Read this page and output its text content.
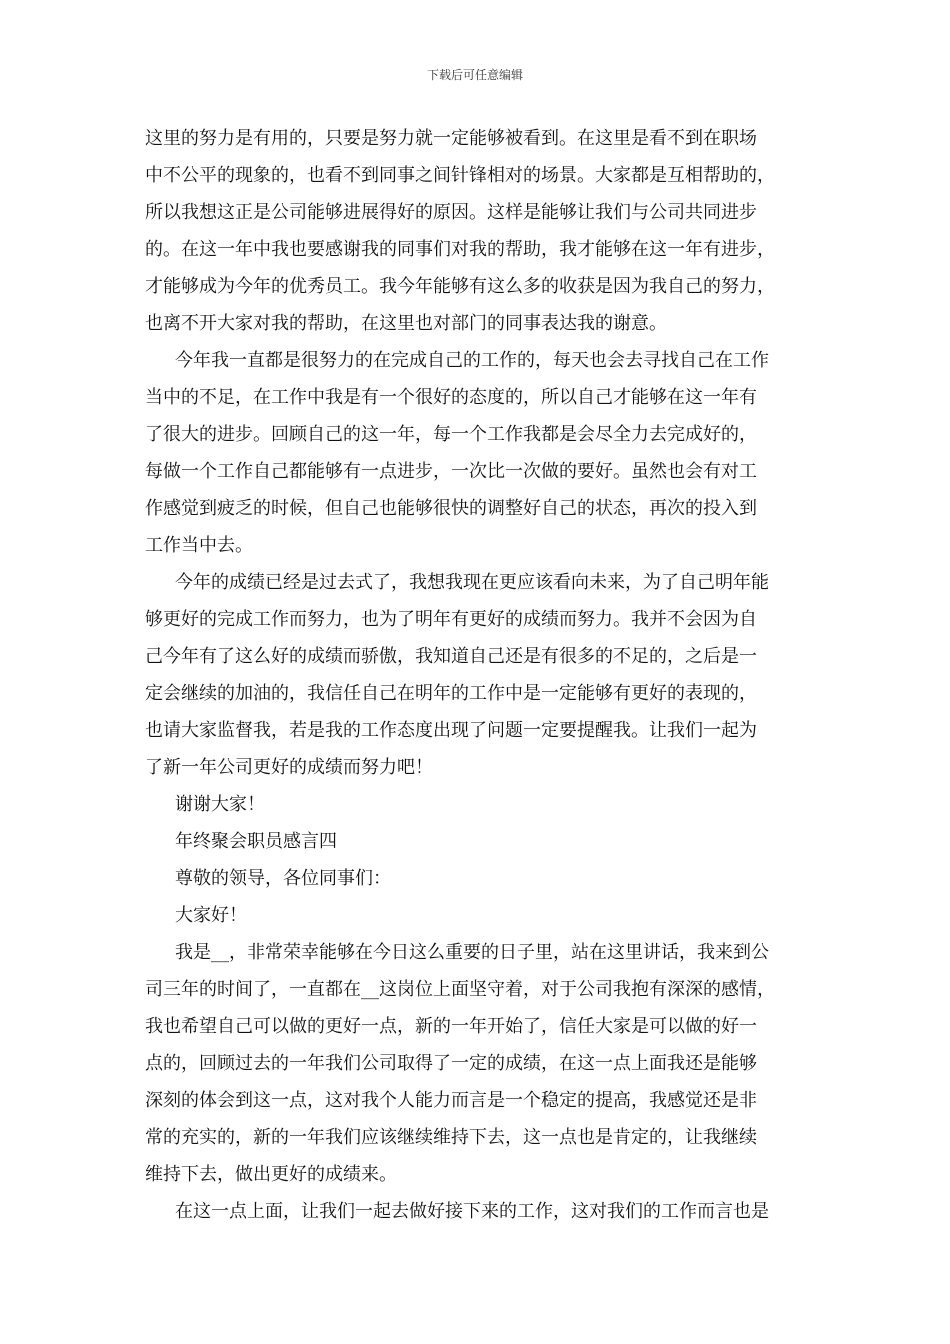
下载后可任意编辑
这里的努力是有用的，只要是努力就一定能够被看到。在这里是看不到在职场
中不公平的现象的，也看不到同事之间针锋相对的场景。大家都是互相帮助的，
所以我想这正是公司能够进展得好的原因。这样是能够让我们与公司共同进步
的。在这一年中我也要感谢我的同事们对我的帮助，我才能够在这一年有进步，
才能够成为今年的优秀员工。我今年能够有这么多的收获是因为我自己的努力，
也离不开大家对我的帮助，在这里也对部门的同事表达我的谢意。
今年我一直都是很努力的在完成自己的工作的，每天也会去寻找自己在工作
当中的不足，在工作中我是有一个很好的态度的，所以自己才能够在这一年有
了很大的进步。回顾自己的这一年，每一个工作我都是会尽全力去完成好的，
每做一个工作自己都能够有一点进步，一次比一次做的要好。虽然也会有对工
作感觉到疲乏的时候，但自己也能够很快的调整好自己的状态，再次的投入到
工作当中去。
今年的成绩已经是过去式了，我想我现在更应该看向未来，为了自己明年能
够更好的完成工作而努力，也为了明年有更好的成绩而努力。我并不会因为自
己今年有了这么好的成绩而骄傲，我知道自己还是有很多的不足的，之后是一
定会继续的加油的，我信任自己在明年的工作中是一定能够有更好的表现的，
也请大家监督我，若是我的工作态度出现了问题一定要提醒我。让我们一起为
了新一年公司更好的成绩而努力吧！
谢谢大家！
年终聚会职员感言四
尊敬的领导，各位同事们：
大家好！
我是__，非常荣幸能够在今日这么重要的日子里，站在这里讲话，我来到公
司三年的时间了，一直都在__这岗位上面坚守着，对于公司我抱有深深的感情，
我也希望自己可以做的更好一点，新的一年开始了，信任大家是可以做的好一
点的，回顾过去的一年我们公司取得了一定的成绩，在这一点上面我还是能够
深刻的体会到这一点，这对我个人能力而言是一个稳定的提高，我感觉还是非
常的充实的，新的一年我们应该继续维持下去，这一点也是肯定的，让我继续
维持下去，做出更好的成绩来。
在这一点上面，让我们一起去做好接下来的工作，这对我们的工作而言也是
